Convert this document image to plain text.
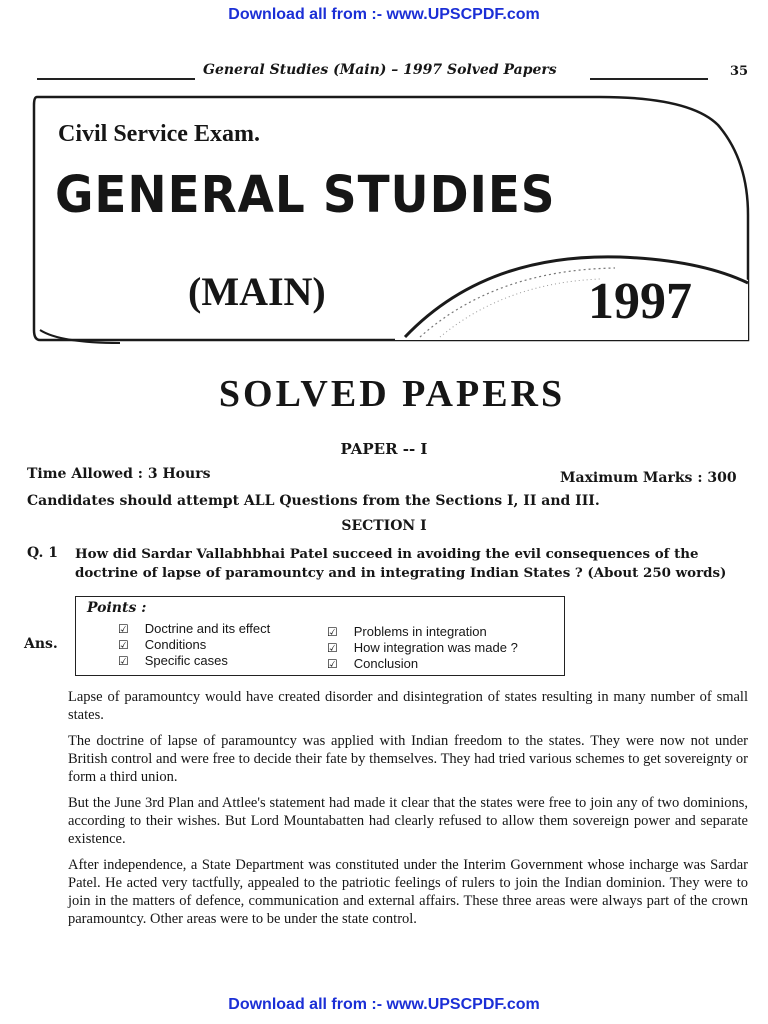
Download all from :- www.UPSCPDF.com
General Studies (Main) – 1997 Solved Papers	35
Civil Service Exam.
GENERAL STUDIES
(MAIN)	1997
SOLVED PAPERS
PAPER -- I
Time Allowed : 3 Hours	Maximum Marks : 300
Candidates should attempt ALL Questions from the Sections I, II and III.
SECTION I
Q. 1 How did Sardar Vallabhbhai Patel succeed in avoiding the evil consequences of the doctrine of lapse of paramountcy and in integrating Indian States ? (About 250 words)
Ans.
Points :
☑ Doctrine and its effect
☑ Conditions
☑ Specific cases
☑ Problems in integration
☑ How integration was made ?
☑ Conclusion

Lapse of paramountcy would have created disorder and disintegration of states resulting in many number of small states.

The doctrine of lapse of paramountcy was applied with Indian freedom to the states. They were now not under British control and were free to decide their fate by themselves. They had tried various schemes to get sovereignty or form a third union.

But the June 3rd Plan and Attlee's statement had made it clear that the states were free to join any of two dominions, according to their wishes. But Lord Mountabatten had clearly refused to allow them sovereign power and separate existence.

After independence, a State Department was constituted under the Interim Government whose incharge was Sardar Patel. He acted very tactfully, appealed to the patriotic feelings of rulers to join the Indian dominion. They were to join in the matters of defence, communication and external affairs. These three areas were always part of the crown paramountcy. Other areas were to be under the state control.

Download all from :- www.UPSCPDF.com
